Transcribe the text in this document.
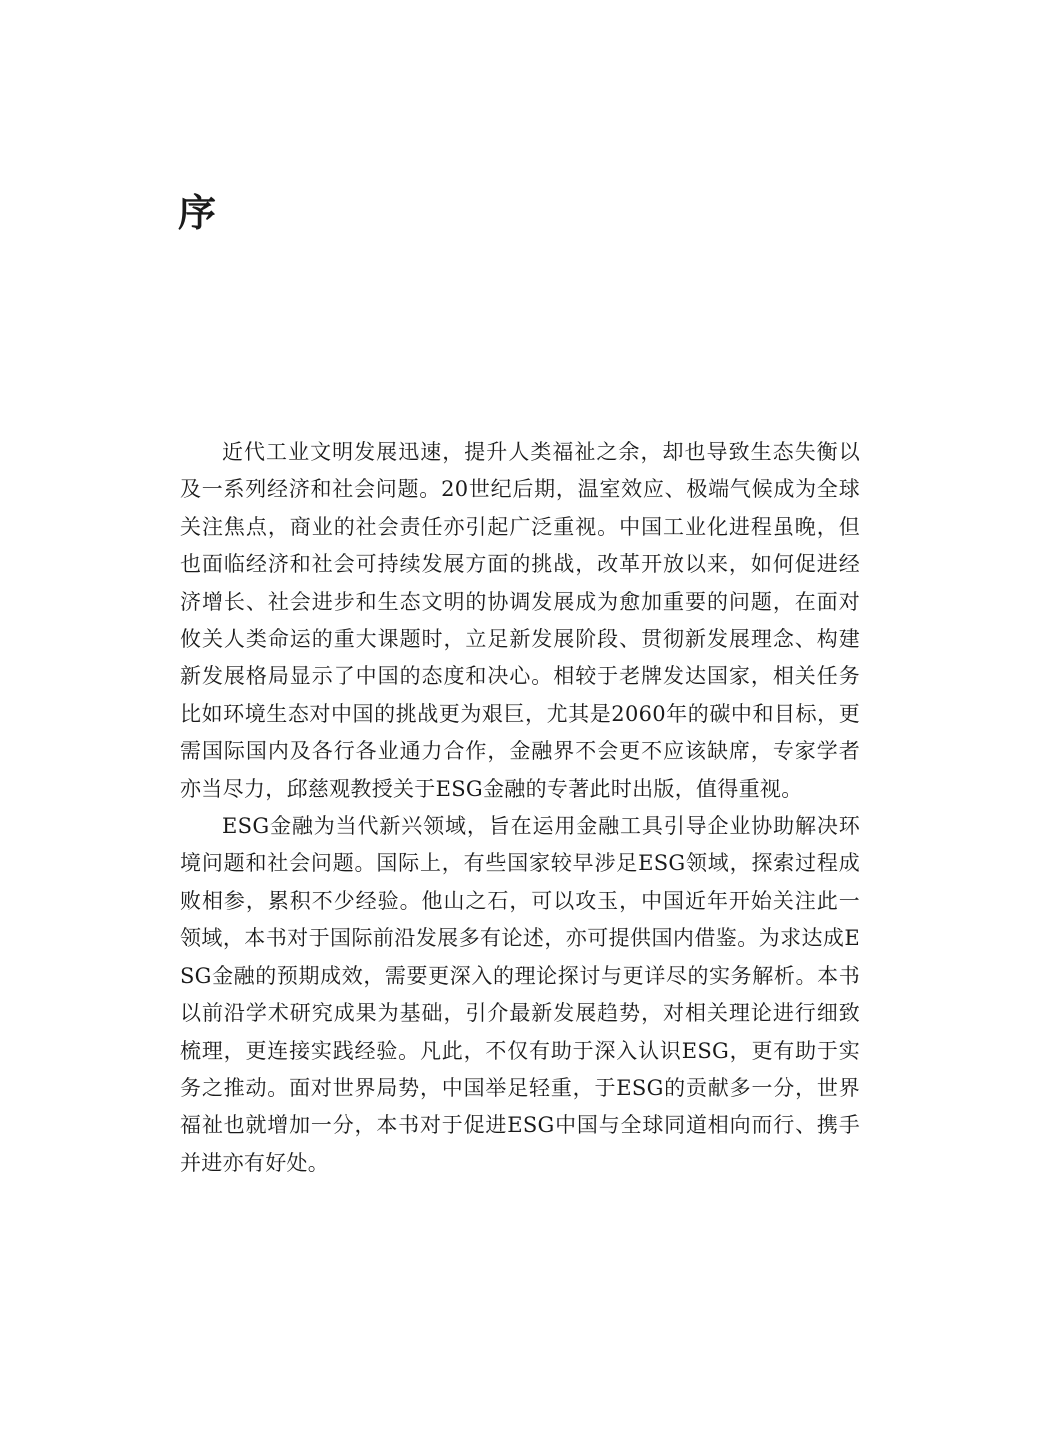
序

近代工业文明发展迅速，提升人类福祉之余，却也导致生态失衡以及一系列经济和社会问题。20世纪后期，温室效应、极端气候成为全球关注焦点，商业的社会责任亦引起广泛重视。中国工业化进程虽晚，但也面临经济和社会可持续发展方面的挑战，改革开放以来，如何促进经济增长、社会进步和生态文明的协调发展成为愈加重要的问题，在面对攸关人类命运的重大课题时，立足新发展阶段、贯彻新发展理念、构建新发展格局显示了中国的态度和决心。相较于老牌发达国家，相关任务比如环境生态对中国的挑战更为艰巨，尤其是2060年的碳中和目标，更需国际国内及各行各业通力合作，金融界不会更不应该缺席，专家学者亦当尽力，邱慈观教授关于ESG金融的专著此时出版，值得重视。

ESG金融为当代新兴领域，旨在运用金融工具引导企业协助解决环境问题和社会问题。国际上，有些国家较早涉足ESG领域，探索过程成败相参，累积不少经验。他山之石，可以攻玉，中国近年开始关注此一领域，本书对于国际前沿发展多有论述，亦可提供国内借鉴。为求达成ESG金融的预期成效，需要更深入的理论探讨与更详尽的实务解析。本书以前沿学术研究成果为基础，引介最新发展趋势，对相关理论进行细致梳理，更连接实践经验。凡此，不仅有助于深入认识ESG，更有助于实务之推动。面对世界局势，中国举足轻重，于ESG的贡献多一分，世界福祉也就增加一分，本书对于促进ESG中国与全球同道相向而行、携手并进亦有好处。
